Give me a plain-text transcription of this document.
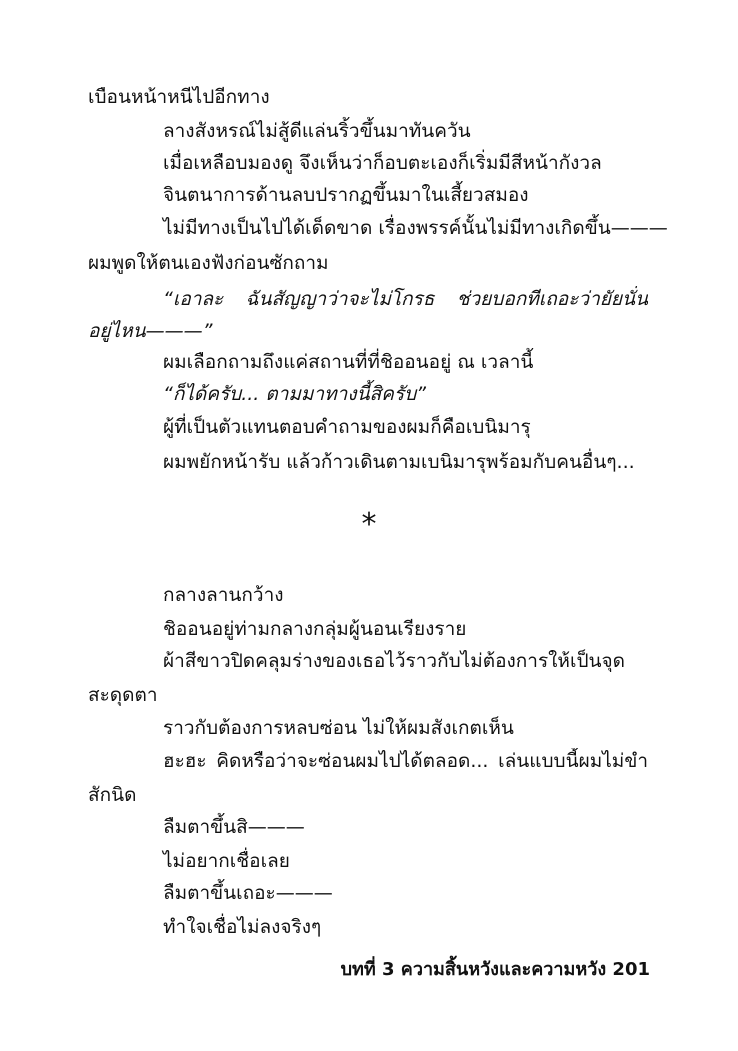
เบือนหน้าหนีไปอีกทาง
ลางสังหรณ์ไม่สู้ดีแล่นริ้วขึ้นมาทันควัน
เมื่อเหลือบมองดู จึงเห็นว่าก็อบตะเองก็เริ่มมีสีหน้ากังวล
จินตนาการด้านลบปรากฏขึ้นมาในเสี้ยวสมอง
ไม่มีทางเป็นไปได้เด็ดขาด เรื่องพรรค์นั้นไม่มีทางเกิดขึ้น———
ผมพูดให้ตนเองฟังก่อนซักถาม
“เอาละ ฉันสัญญาว่าจะไม่โกรธ ช่วยบอกทีเถอะว่ายัยนั่น
อยู่ไหน———”
ผมเลือกถามถึงแค่สถานที่ที่ชิออนอยู่ ณ เวลานี้
“ก็ได้ครับ... ตามมาทางนี้สิครับ”
ผู้ที่เป็นตัวแทนตอบคำถามของผมก็คือเบนิมารุ
ผมพยักหน้ารับ แล้วก้าวเดินตามเบนิมารุพร้อมกับคนอื่นๆ...
*
กลางลานกว้าง
ชิออนอยู่ท่ามกลางกลุ่มผู้นอนเรียงราย
ผ้าสีขาวปิดคลุมร่างของเธอไว้ราวกับไม่ต้องการให้เป็นจุด
สะดุดตา
ราวกับต้องการหลบซ่อน ไม่ให้ผมสังเกตเห็น
ฮะฮะ คิดหรือว่าจะซ่อนผมไปได้ตลอด... เล่นแบบนี้ผมไม่ขำ
สักนิด
ลืมตาขึ้นสิ———
ไม่อยากเชื่อเลย
ลืมตาขึ้นเถอะ———
ทำใจเชื่อไม่ลงจริงๆ
บทที่ 3 ความสิ้นหวังและความหวัง 201
